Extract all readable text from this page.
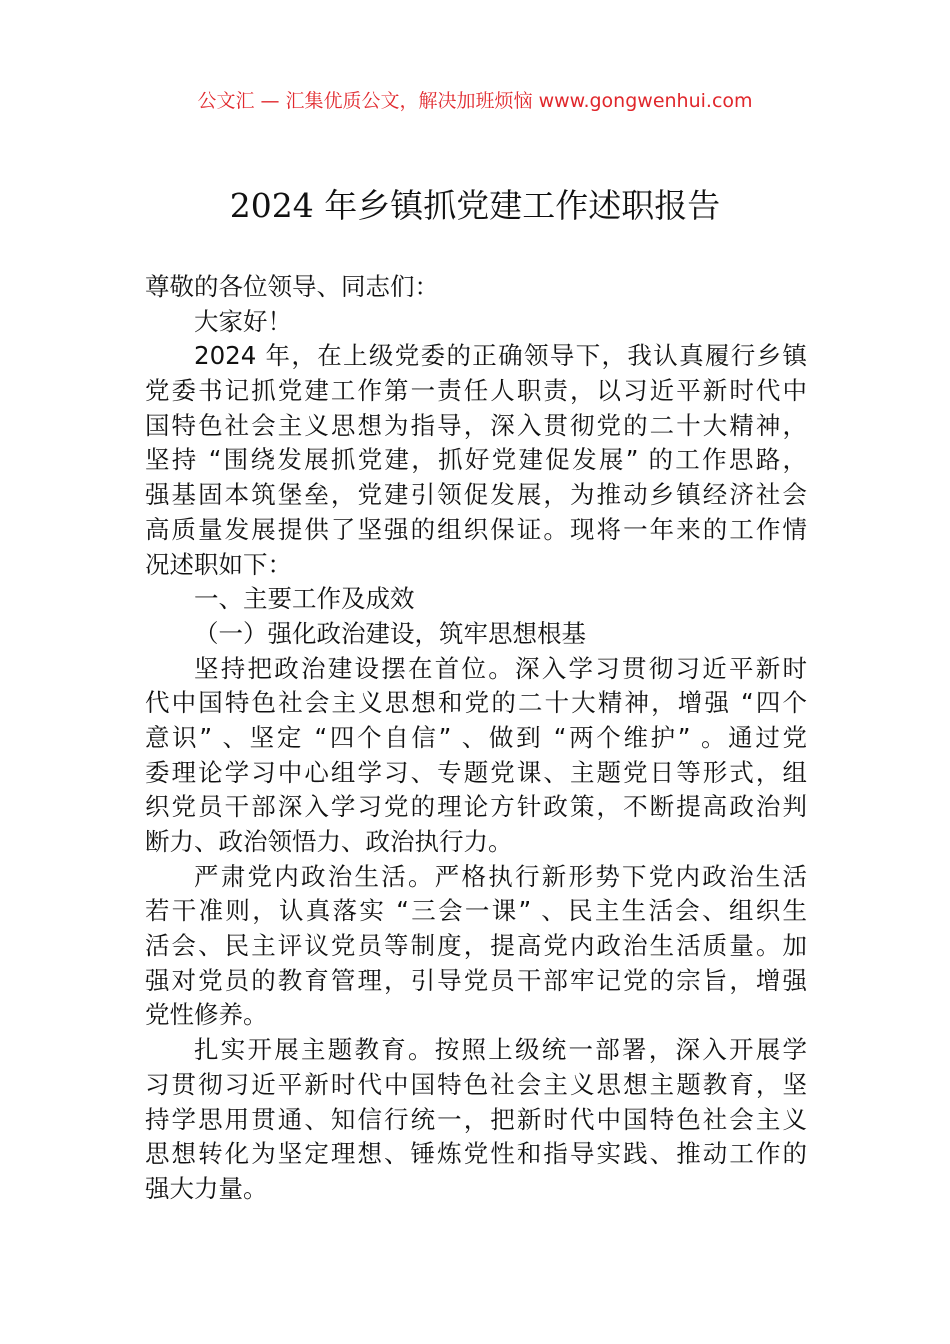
公文汇 — 汇集优质公文，解决加班烦恼 www.gongwenhui.com
2024 年乡镇抓党建工作述职报告
尊敬的各位领导、同志们：
大家好！
2024 年，在上级党委的正确领导下，我认真履行乡镇
党委书记抓党建工作第一责任人职责，以习近平新时代中
国特色社会主义思想为指导，深入贯彻党的二十大精神，
坚持 “围绕发展抓党建，抓好党建促发展” 的工作思路，
强基固本筑堡垒，党建引领促发展，为推动乡镇经济社会
高质量发展提供了坚强的组织保证。现将一年来的工作情
况述职如下：
一、主要工作及成效
（一）强化政治建设，筑牢思想根基
坚持把政治建设摆在首位。深入学习贯彻习近平新时
代中国特色社会主义思想和党的二十大精神，增强 “四个
意识” 、坚定 “四个自信” 、做到 “两个维护” 。通过党
委理论学习中心组学习、专题党课、主题党日等形式，组
织党员干部深入学习党的理论方针政策，不断提高政治判
断力、政治领悟力、政治执行力。
严肃党内政治生活。严格执行新形势下党内政治生活
若干准则，认真落实 “三会一课” 、民主生活会、组织生
活会、民主评议党员等制度，提高党内政治生活质量。加
强对党员的教育管理，引导党员干部牢记党的宗旨，增强
党性修养。
扎实开展主题教育。按照上级统一部署，深入开展学
习贯彻习近平新时代中国特色社会主义思想主题教育，坚
持学思用贯通、知信行统一，把新时代中国特色社会主义
思想转化为坚定理想、锤炼党性和指导实践、推动工作的
强大力量。
